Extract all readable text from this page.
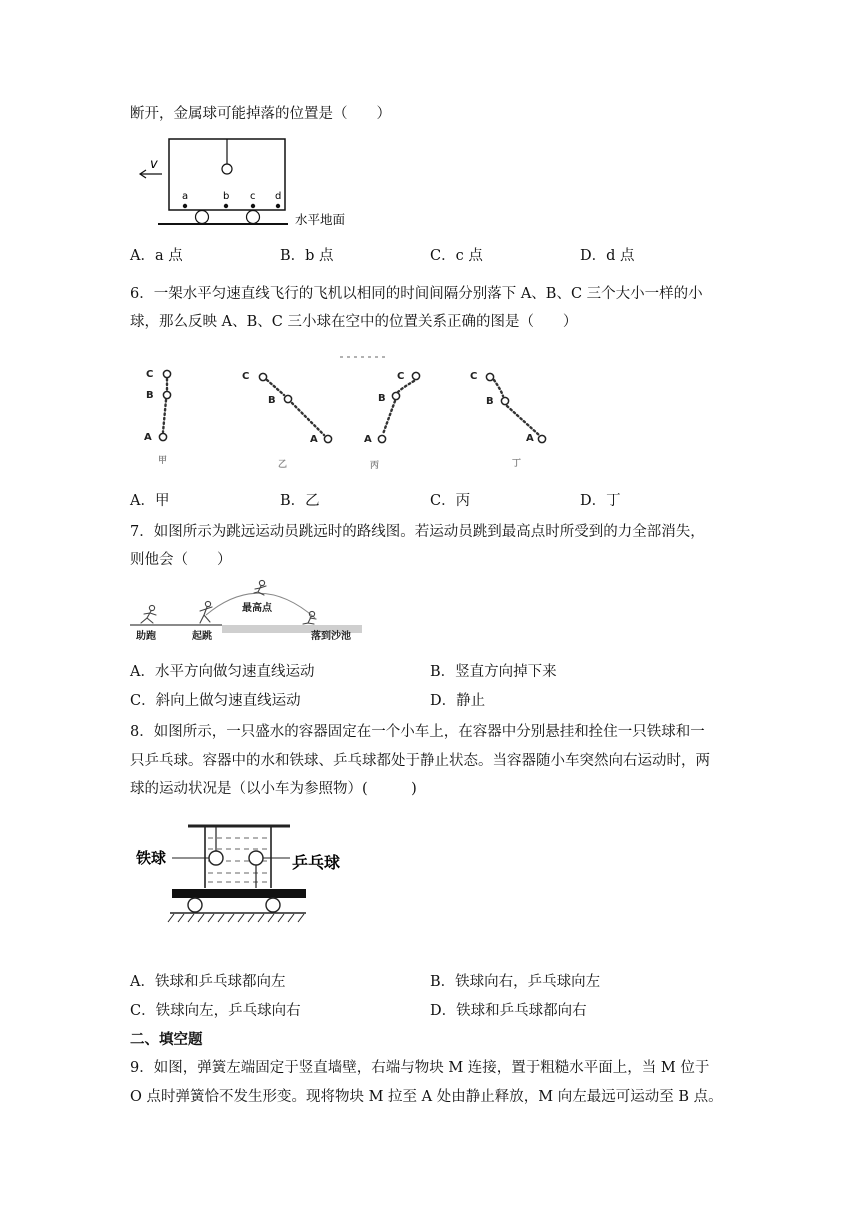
断开，金属球可能掉落的位置是（　　）
v
a	b c d
水平地面
A．a 点	B．b 点	C．c 点	D．d 点
6．一架水平匀速直线飞行的飞机以相同的时间间隔分别落下 A、B、C 三个大小一样的小
球，那么反映 A、B、C 三小球在空中的位置关系正确的图是（　　）
C
B
A
甲
C
B
A
乙
C
B
A
丙
C
B
A
丁
A．甲	B．乙	C．丙	D．丁
7．如图所示为跳远运动员跳远时的路线图。若运动员跳到最高点时所受到的力全部消失，
则他会（　　）
助跑	起跳
最高点
落到沙池
A．水平方向做匀速直线运动	B．竖直方向掉下来
C．斜向上做匀速直线运动	D．静止
8．如图所示，一只盛水的容器固定在一个小车上，在容器中分别悬挂和拴住一只铁球和一
只乒乓球。容器中的水和铁球、乒乓球都处于静止状态。当容器随小车突然向右运动时，两
球的运动状况是（以小车为参照物）(　　　)
铁球	乒乓球
A．铁球和乒乓球都向左	B．铁球向右，乒乓球向左
C．铁球向左，乒乓球向右	D．铁球和乒乓球都向右
二、填空题
9．如图，弹簧左端固定于竖直墙壁，右端与物块 M 连接，置于粗糙水平面上，当 M 位于
O 点时弹簧恰不发生形变。现将物块 M 拉至 A 处由静止释放，M 向左最远可运动至 B 点。
